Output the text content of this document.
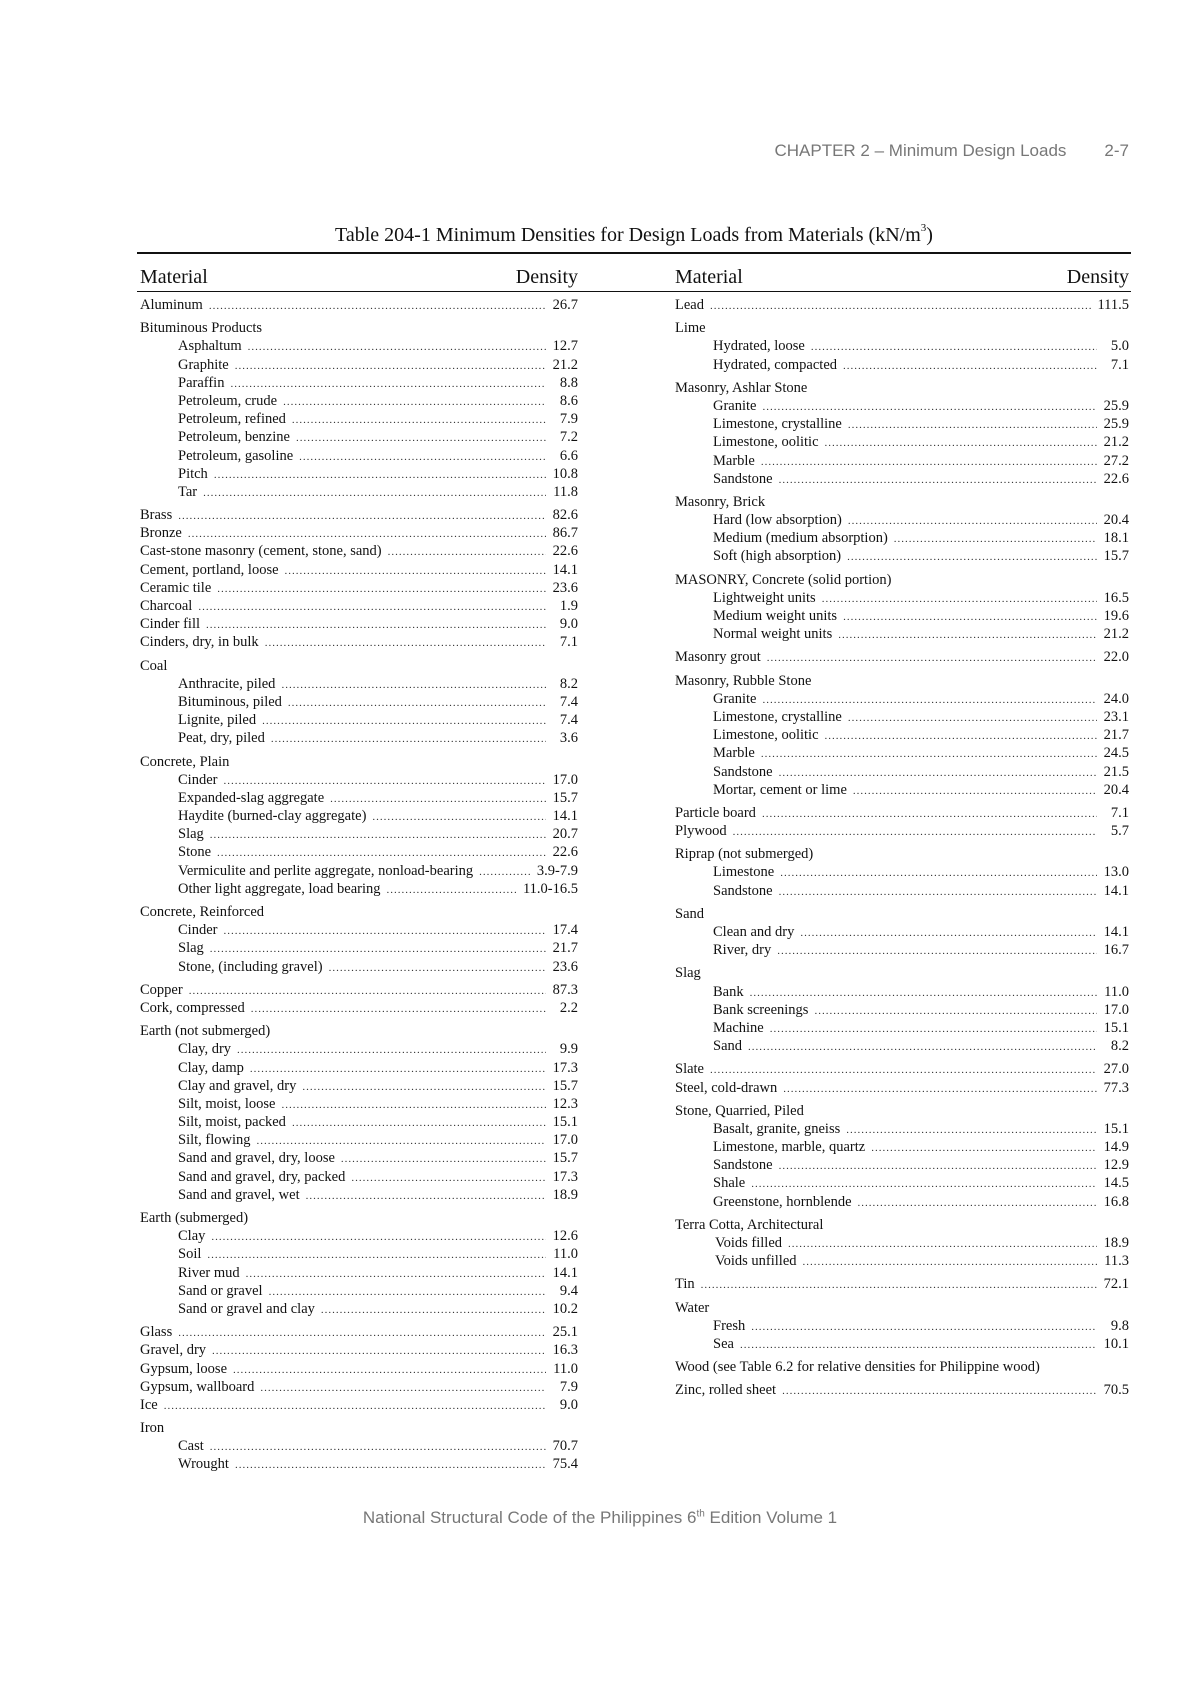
CHAPTER 2 – Minimum Design Loads 2-7
Table 204-1 Minimum Densities for Design Loads from Materials $(kN/m^3)$
Material	Density	Material	Density
Aluminum .....	26.7
Bituminous Products
Asphaltum .....	12.7
Graphite .....	21.2
Paraffin .....	8.8
Petroleum, crude .....	8.6
Petroleum, refined .....	7.9
Petroleum, benzine .....	7.2
Petroleum, gasoline .....	6.6
Pitch .....	10.8
Tar .....	11.8
Brass .....	82.6
Bronze .....	86.7
Cast-stone masonry (cement, stone, sand) .....	22.6
Cement, portland, loose .....	14.1
Ceramic tile .....	23.6
Charcoal .....	1.9
Cinder fill .....	9.0
Cinders, dry, in bulk .....	7.1
Coal
Anthracite, piled .....	8.2
Bituminous, piled .....	7.4
Lignite, piled .....	7.4
Peat, dry, piled .....	3.6
Concrete, Plain
Cinder .....	17.0
Expanded-slag aggregate .....	15.7
Haydite (burned-clay aggregate) .....	14.1
Slag .....	20.7
Stone .....	22.6
Vermiculite and perlite aggregate, nonload-bearing .....	3.9-7.9
Other light aggregate, load bearing .....	11.0-16.5
Concrete, Reinforced
Cinder .....	17.4
Slag .....	21.7
Stone, (including gravel) .....	23.6
Copper .....	87.3
Cork, compressed .....	2.2
Earth (not submerged)
Clay, dry .....	9.9
Clay, damp .....	17.3
Clay and gravel, dry .....	15.7
Silt, moist, loose .....	12.3
Silt, moist, packed .....	15.1
Silt, flowing .....	17.0
Sand and gravel, dry, loose .....	15.7
Sand and gravel, dry, packed .....	17.3
Sand and gravel, wet .....	18.9
Earth (submerged)
Clay .....	12.6
Soil .....	11.0
River mud .....	14.1
Sand or gravel .....	9.4
Sand or gravel and clay .....	10.2
Glass .....	25.1
Gravel, dry .....	16.3
Gypsum, loose .....	11.0
Gypsum, wallboard .....	7.9
Ice .....	9.0
Iron
Cast .....	70.7
Wrought .....	75.4
Lead .....	111.5
Lime
Hydrated, loose .....	5.0
Hydrated, compacted .....	7.1
Masonry, Ashlar Stone
Granite .....	25.9
Limestone, crystalline .....	25.9
Limestone, oolitic .....	21.2
Marble .....	27.2
Sandstone .....	22.6
Masonry, Brick
Hard (low absorption) .....	20.4
Medium (medium absorption) .....	18.1
Soft (high absorption) .....	15.7
MASONRY, Concrete (solid portion)
Lightweight units .....	16.5
Medium weight units .....	19.6
Normal weight units .....	21.2
Masonry grout .....	22.0
Masonry, Rubble Stone
Granite .....	24.0
Limestone, crystalline .....	23.1
Limestone, oolitic .....	21.7
Marble .....	24.5
Sandstone .....	21.5
Mortar, cement or lime .....	20.4
Particle board .....	7.1
Plywood .....	5.7
Riprap (not submerged)
Limestone .....	13.0
Sandstone .....	14.1
Sand
Clean and dry .....	14.1
River, dry .....	16.7
Slag
Bank .....	11.0
Bank screenings .....	17.0
Machine .....	15.1
Sand .....	8.2
Slate .....	27.0
Steel, cold-drawn .....	77.3
Stone, Quarried, Piled
Basalt, granite, gneiss .....	15.1
Limestone, marble, quartz .....	14.9
Sandstone .....	12.9
Shale .....	14.5
Greenstone, hornblende .....	16.8
Terra Cotta, Architectural
Voids filled .....	18.9
Voids unfilled .....	11.3
Tin .....	72.1
Water
Fresh .....	9.8
Sea .....	10.1
Wood (see Table 6.2 for relative densities for Philippine wood)
Zinc, rolled sheet .....	70.5
National Structural Code of the Philippines 6th Edition Volume 1
